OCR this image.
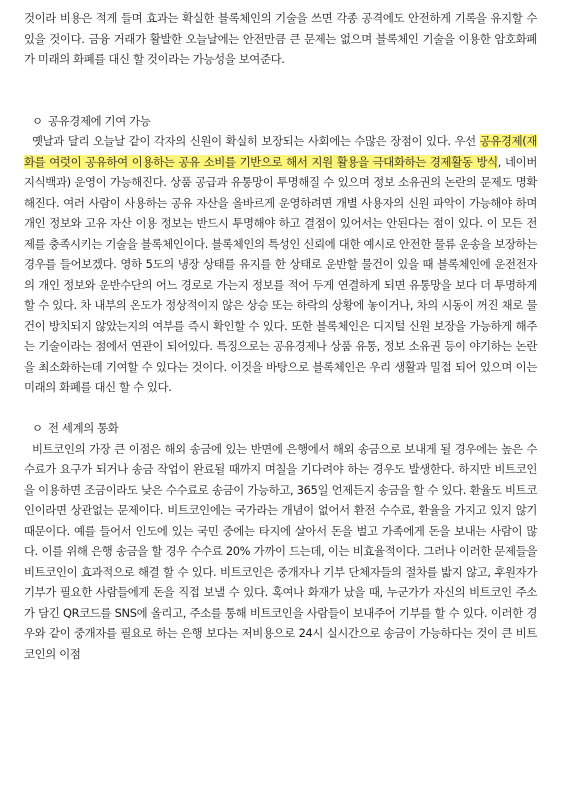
것이라 비용은 적게 들며 효과는 확실한 블록체인의 기술을 쓰면 각종 공격에도 안전하게 기록을 유지할 수 있을 것이다. 금융 거래가 활발한 오늘날에는 안전만큼 큰 문제는 없으며 블록체인 기술을 이용한 암호화폐가 미래의 화폐를 대신 할 것이라는 가능성을 보여준다.

ㅇ 공유경제에 기여 가능

옛날과 달리 오늘날 같이 각자의 신원이 확실히 보장되는 사회에는 수많은 장점이 있다. 우선 공유경제(재화를 여럿이 공유하여 이용하는 공유 소비를 기반으로 해서 지원 활용을 극대화하는 경제활동 방식, 네이버 지식백과) 운영이 가능해진다. 상품 공급과 유통망이 투명해질 수 있으며 정보 소유권의 논란의 문제도 명확해진다. 여러 사람이 사용하는 공유 자산을 올바르게 운영하려면 개별 사용자의 신원 파악이 가능해야 하며 개인 정보와 고유 자산 이용 정보는 반드시 투명해야 하고 결점이 있어서는 안된다는 점이 있다. 이 모든 전제를 충족시키는 기술을 블록체인이다. 블록체인의 특성인 신뢰에 대한 예시로 안전한 물류 운송을 보장하는 경우를 들어보겠다. 영하 5도의 냉장 상태를 유지를 한 상태로 운반할 물건이 있을 때 블록체인에 운전전자의 개인 정보와 운반수단의 어느 경로로 가는지 정보를 적어 두게 연결하게 되면 유통망을 보다 더 투명하게 할 수 있다. 차 내부의 온도가 정상적이지 않은 상승 또는 하락의 상황에 놓이거나, 차의 시동이 꺼진 채로 물건이 방치되지 않았는지의 여부를 즉시 확인할 수 있다. 또한 블록체인은 디지털 신원 보장을 가능하게 해주는 기술이라는 점에서 연관이 되어있다. 특징으로는 공유경제나 상품 유통, 정보 소유권 등이 야기하는 논란을 최소화하는데 기여할 수 있다는 것이다. 이것을 바탕으로 블록체인은 우리 생활과 밀접 되어 있으며 이는 미래의 화폐를 대신 할 수 있다.

ㅇ 전 세계의 통화

비트코인의 가장 큰 이점은 해외 송금에 있는 반면에 은행에서 해외 송금으로 보내게 될 경우에는 높은 수수료가 요구가 되거나 송금 작업이 완료될 때까지 며칠을 기다려야 하는 경우도 발생한다. 하지만 비트코인을 이용하면 조금이라도 낮은 수수료로 송금이 가능하고, 365일 언제든지 송금을 할 수 있다. 환율도 비트코인이라면 상관없는 문제이다. 비트코인에는 국가라는 개념이 없어서 환전 수수료, 환율을 가지고 있지 않기 때문이다. 예를 들어서 인도에 있는 국민 중에는 타지에 살아서 돈을 벌고 가족에게 돈을 보내는 사람이 많다. 이를 위해 은행 송금을 할 경우 수수료 20% 가까이 드는데, 이는 비효율적이다. 그러나 이러한 문제들을 비트코인이 효과적으로 해결 할 수 있다. 비트코인은 중개자나 기부 단체자들의 절차를 밟지 않고, 후원자가 기부가 필요한 사람들에게 돈을 직접 보낼 수 있다. 혹여나 화재가 났을 때, 누군가가 자신의 비트코인 주소가 담긴 QR코드를 SNS에 올리고, 주소를 통해 비트코인을 사람들이 보내주어 기부를 할 수 있다. 이러한 경우와 같이 중개자를 필요로 하는 은행 보다는 저비용으로 24시 실시간으로 송금이 가능하다는 것이 큰 비트코인의 이점
